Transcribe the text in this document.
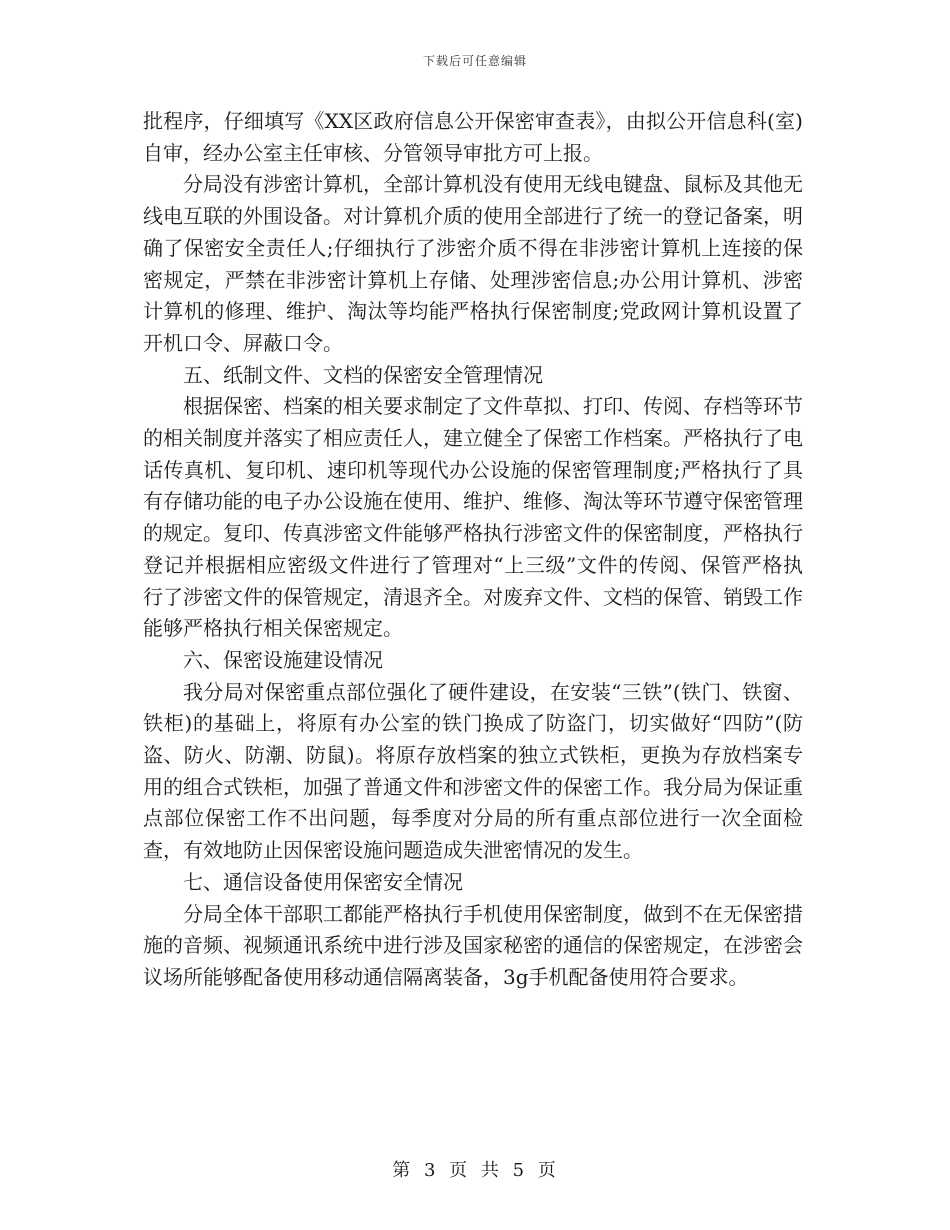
下载后可任意编辑

批程序，仔细填写《XX区政府信息公开保密审查表》，由拟公开信息科(室)自审，经办公室主任审核、分管领导审批方可上报。

分局没有涉密计算机，全部计算机没有使用无线电键盘、鼠标及其他无线电互联的外围设备。对计算机介质的使用全部进行了统一的登记备案，明确了保密安全责任人;仔细执行了涉密介质不得在非涉密计算机上连接的保密规定，严禁在非涉密计算机上存储、处理涉密信息;办公用计算机、涉密计算机的修理、维护、淘汰等均能严格执行保密制度;党政网计算机设置了开机口令、屏蔽口令。

五、纸制文件、文档的保密安全管理情况

根据保密、档案的相关要求制定了文件草拟、打印、传阅、存档等环节的相关制度并落实了相应责任人，建立健全了保密工作档案。严格执行了电话传真机、复印机、速印机等现代办公设施的保密管理制度;严格执行了具有存储功能的电子办公设施在使用、维护、维修、淘汰等环节遵守保密管理的规定。复印、传真涉密文件能够严格执行涉密文件的保密制度，严格执行登记并根据相应密级文件进行了管理对“上三级”文件的传阅、保管严格执行了涉密文件的保管规定，清退齐全。对废弃文件、文档的保管、销毁工作能够严格执行相关保密规定。

六、保密设施建设情况

我分局对保密重点部位强化了硬件建设，在安装“三铁”(铁门、铁窗、铁柜)的基础上，将原有办公室的铁门换成了防盗门，切实做好“四防”(防盗、防火、防潮、防鼠)。将原存放档案的独立式铁柜，更换为存放档案专用的组合式铁柜，加强了普通文件和涉密文件的保密工作。我分局为保证重点部位保密工作不出问题，每季度对分局的所有重点部位进行一次全面检查，有效地防止因保密设施问题造成失泄密情况的发生。

七、通信设备使用保密安全情况

分局全体干部职工都能严格执行手机使用保密制度，做到不在无保密措施的音频、视频通讯系统中进行涉及国家秘密的通信的保密规定，在涉密会议场所能够配备使用移动通信隔离装备，3g手机配备使用符合要求。

第 3 页 共 5 页
